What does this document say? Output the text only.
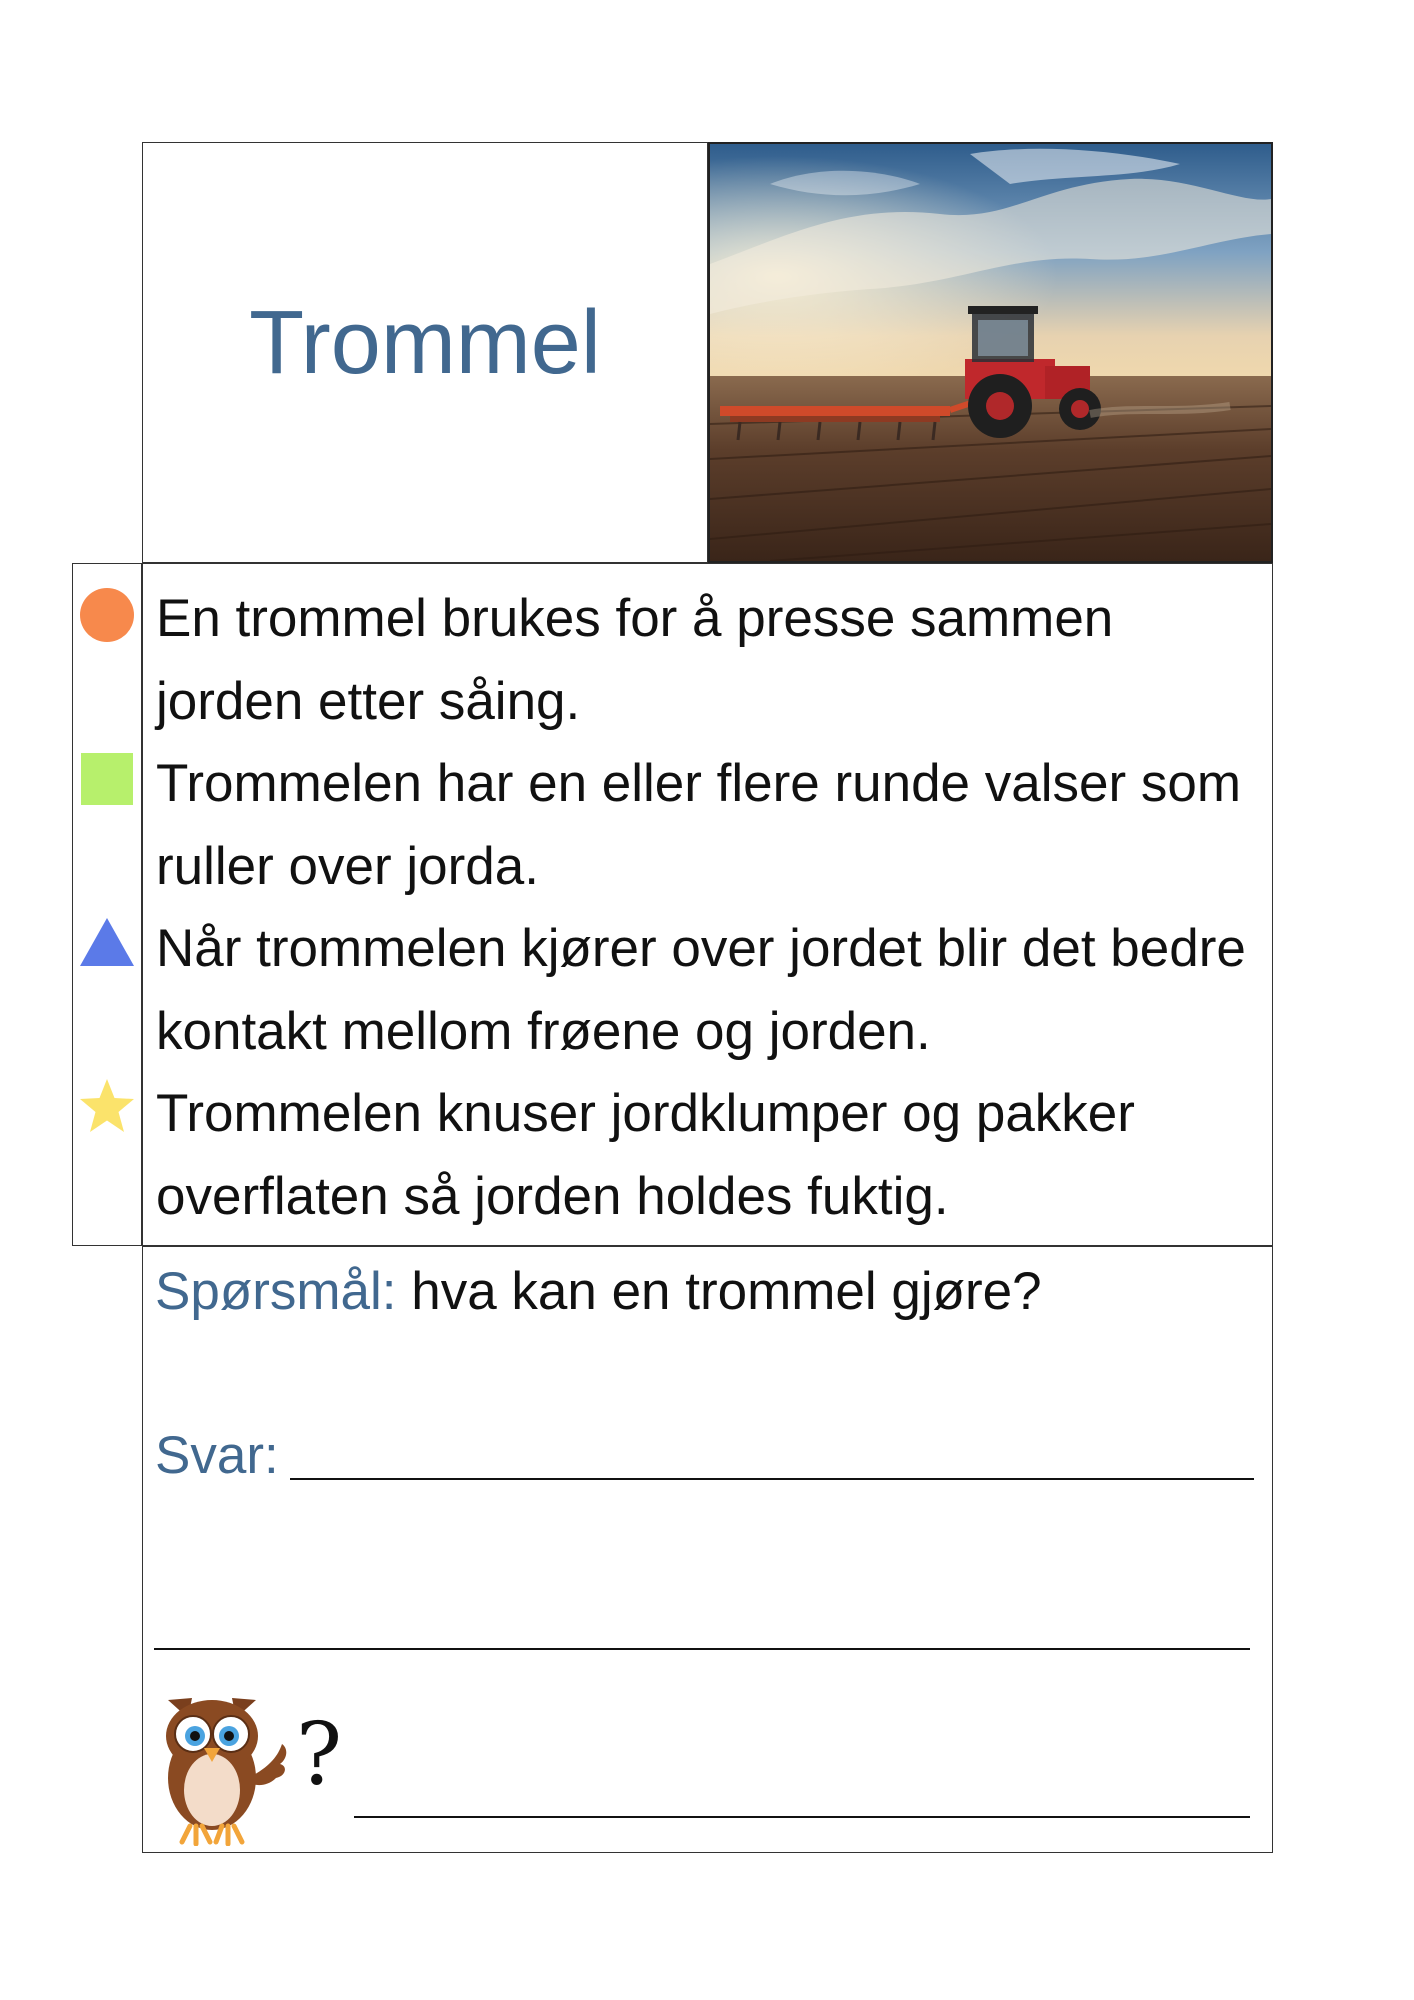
Trommel

En trommel brukes for å presse sammen jorden etter såing.

Trommelen har en eller flere runde valser som ruller over jorda.

Når trommelen kjører over jordet blir det bedre kontakt mellom frøene og jorden.

Trommelen knuser jordklumper og pakker overflaten så jorden holdes fuktig.

Spørsmål: hva kan en trommel gjøre?
Svar:
?
